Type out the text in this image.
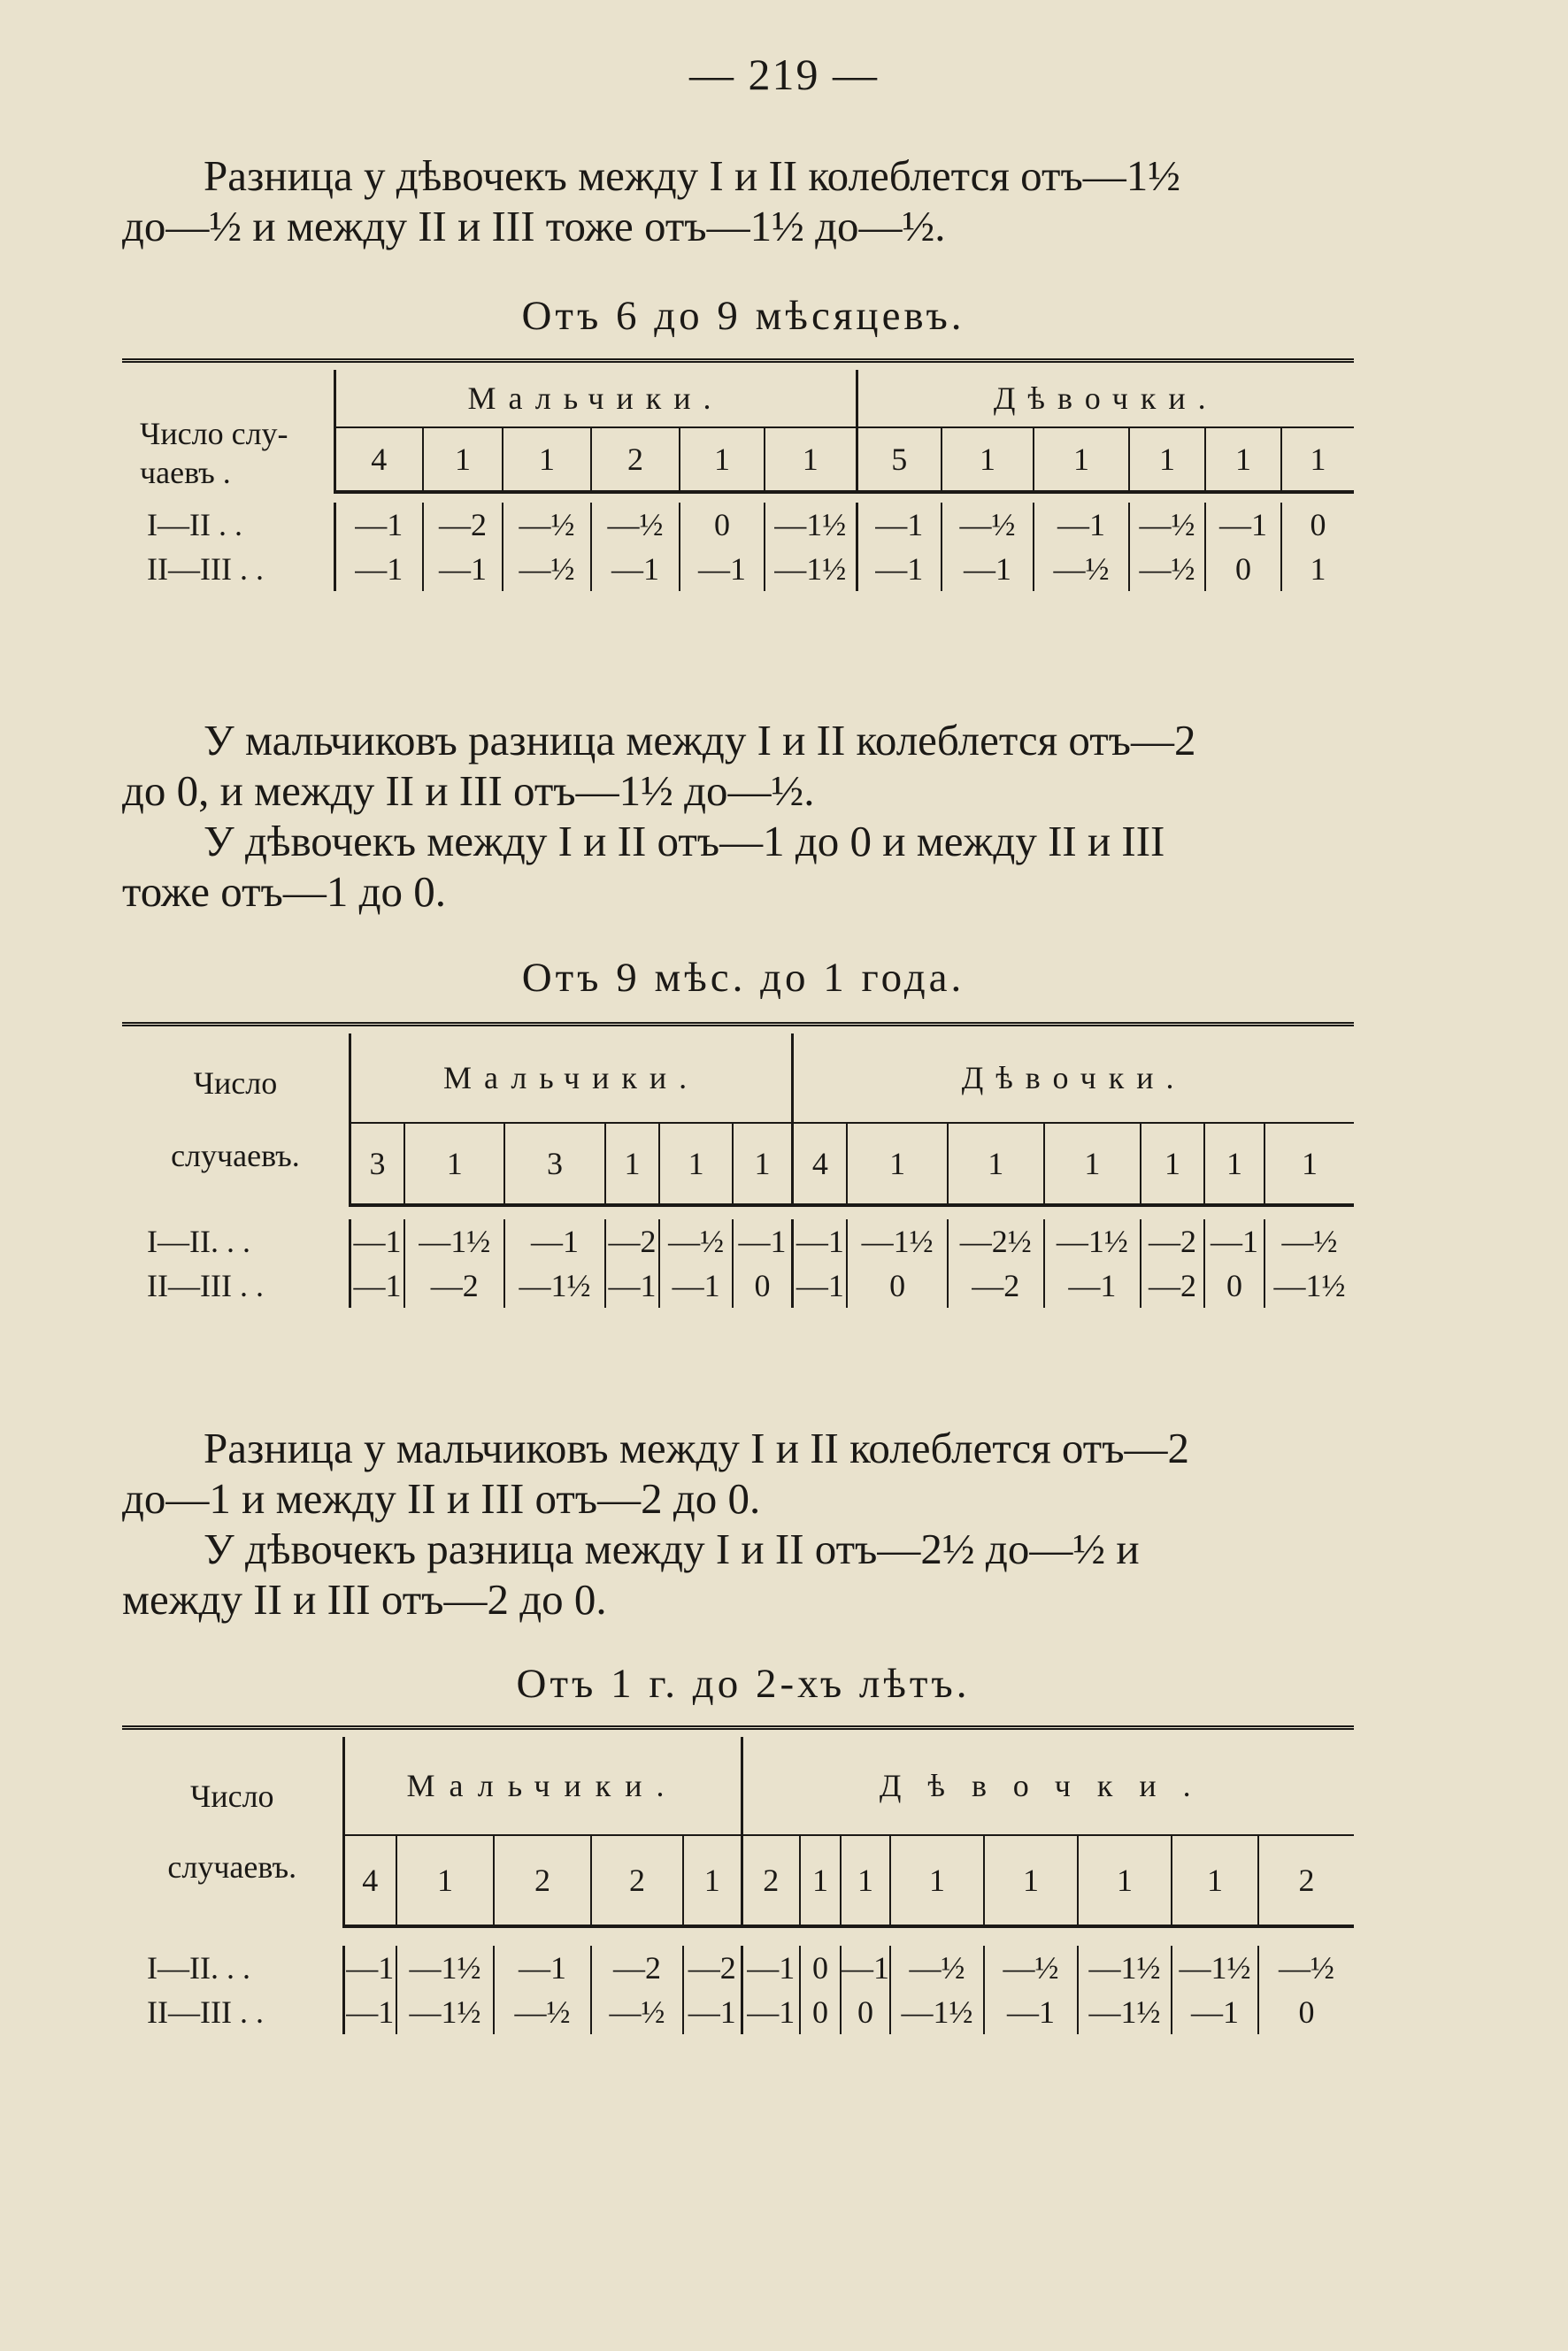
— 219 —
Разница у дѣвочекъ между I и II колеблется отъ—1½
до—½ и между II и III тоже отъ—1½ до—½.
Отъ 6 до 9 мѣсяцевъ.

Число слу- чаевъ .	Мальчики.						Дѣвочки.					
	4	1	1	2	1	1	5	1	1	1	1	1

I—II . .	—1	—2	—½	—½	0	—1½	—1	—½	—1	—½	—1	0
II—III . .	—1	—1	—½	—1	—1	—1½	—1	—1	—½	—½	0	1

У мальчиковъ разница между I и II колеблется отъ—2
до 0, и между II и III отъ—1½ до—½.
У дѣвочекъ между I и II отъ—1 до 0 и между II и III
тоже отъ—1 до 0.
Отъ 9 мѣс. до 1 года.

Число
случаевъ.	Мальчики.						Дѣвочки.						
	3	1	3	1	1	1	4	1	1	1	1	1	1

I—II. . .	—1	—1½	—1	—2	—½	—1	—1	—1½	—2½	—1½	—2	—1	—½
II—III . .	—1	—2	—1½	—1	—1	0	—1	0	—2	—1	—2	0	—1½

Разница у мальчиковъ между I и II колеблется отъ—2
до—1 и между II и III отъ—2 до 0.
У дѣвочекъ разница между I и II отъ—2½ до—½ и
между II и III отъ—2 до 0.
Отъ 1 г. до 2-хъ лѣтъ.

Число
случаевъ.	Мальчики.					Дѣвочки.							
	4	1	2	2	1	2	1	1	1	1	1	1	2

I—II. . .	—1	—1½	—1	—2	—2	—1	0	—1	—½	—½	—1½	—1½	—½
II—III . .	—1	—1½	—½	—½	—1	—1	0	0	—1½	—1	—1½	—1	0
